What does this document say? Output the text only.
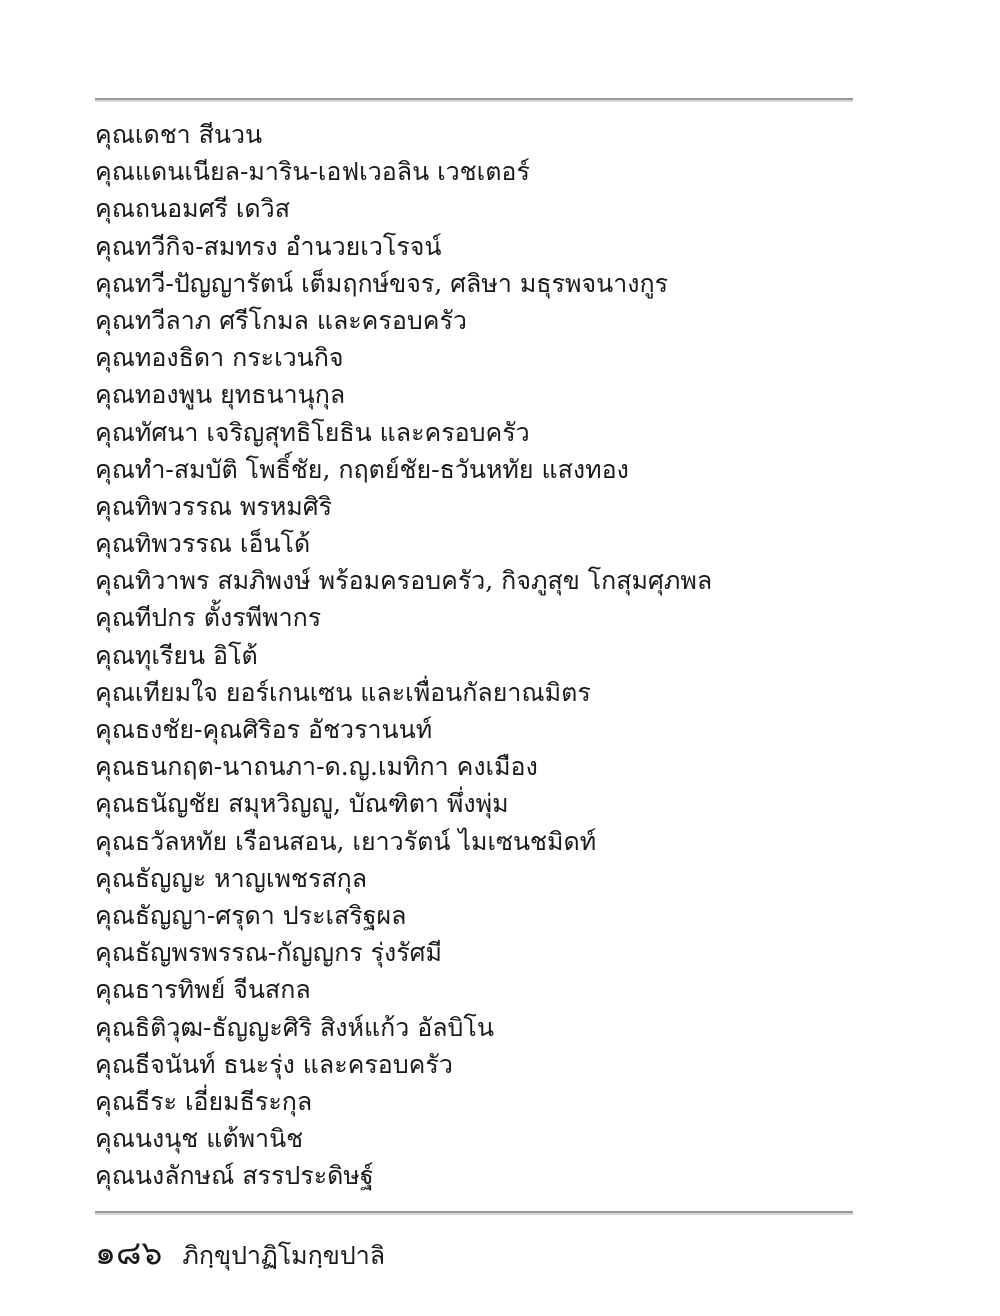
คุณเดชา สีนวน
คุณแดนเนียล-มาริน-เอฟเวอลิน เวชเตอร์
คุณถนอมศรี เดวิส
คุณทวีกิจ-สมทรง อำนวยเวโรจน์
คุณทวี-ปัญญารัตน์ เต็มฤกษ์ขจร, ศลิษา มธุรพจนางกูร
คุณทวีลาภ ศรีโกมล และครอบครัว
คุณทองธิดา กระเวนกิจ
คุณทองพูน ยุทธนานุกุล
คุณทัศนา เจริญสุทธิโยธิน และครอบครัว
คุณทำ-สมบัติ โพธิ์ชัย, กฤตย์ชัย-ธวันหทัย แสงทอง
คุณทิพวรรณ พรหมศิริ
คุณทิพวรรณ เอ็นโด้
คุณทิวาพร สมภิพงษ์ พร้อมครอบครัว, กิจภูสุข โกสุมศุภพล
คุณทีปกร ตั้งรพีพากร
คุณทุเรียน อิโต้
คุณเทียมใจ ยอร์เกนเซน และเพื่อนกัลยาณมิตร
คุณธงชัย-คุณศิริอร อัชวรานนท์
คุณธนกฤต-นาถนภา-ด.ญ.เมทิกา คงเมือง
คุณธนัญชัย สมุหวิญญู, บัณฑิตา พึ่งพุ่ม
คุณธวัลหทัย เรือนสอน, เยาวรัตน์ ไมเซนชมิดท์
คุณธัญญะ หาญเพชรสกุล
คุณธัญญา-ศรุดา ประเสริฐผล
คุณธัญพรพรรณ-กัญญกร รุ่งรัศมี
คุณธารทิพย์ จีนสกล
คุณธิติวุฒ-ธัญญะศิริ สิงห์แก้ว อัลบิโน
คุณธีจนันท์ ธนะรุ่ง และครอบครัว
คุณธีระ เอี่ยมธีระกุล
คุณนงนุช แต้พานิช
คุณนงลักษณ์ สรรประดิษฐ์
๑๘๖ ภิกฺขุปาฏิโมกฺขปาลิ
